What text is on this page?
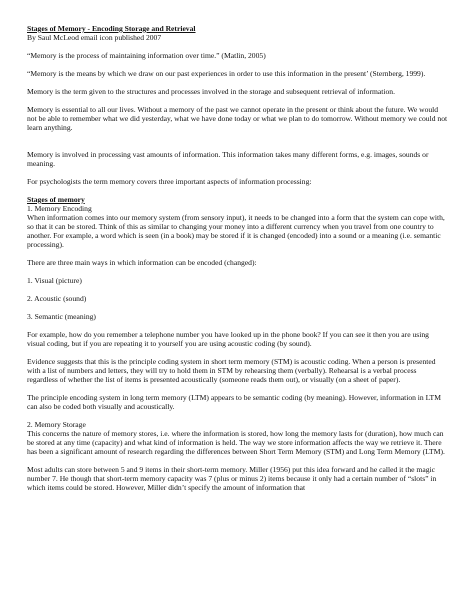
Stages of Memory - Encoding Storage and Retrieval

By Saul McLeod email icon published 2007

“Memory is the process of maintaining information over time.” (Matlin, 2005)

“Memory is the means by which we draw on our past experiences in order to use this information in the present’ (Sternberg, 1999).

Memory is the term given to the structures and processes involved in the storage and subsequent retrieval of information.

Memory is essential to all our lives. Without a memory of the past we cannot operate in the present or think about the future. We would not be able to remember what we did yesterday, what we have done today or what we plan to do tomorrow. Without memory we could not learn anything.

Memory is involved in processing vast amounts of information. This information takes many different forms, e.g. images, sounds or meaning.

For psychologists the term memory covers three important aspects of information processing:

Stages of memory

1. Memory Encoding

When information comes into our memory system (from sensory input), it needs to be changed into a form that the system can cope with, so that it can be stored. Think of this as similar to changing your money into a different currency when you travel from one country to another. For example, a word which is seen (in a book) may be stored if it is changed (encoded) into a sound or a meaning (i.e. semantic processing).

There are three main ways in which information can be encoded (changed):

1. Visual (picture)

2. Acoustic (sound)

3. Semantic (meaning)

For example, how do you remember a telephone number you have looked up in the phone book? If you can see it then you are using visual coding, but if you are repeating it to yourself you are using acoustic coding (by sound).

Evidence suggests that this is the principle coding system in short term memory (STM) is acoustic coding. When a person is presented with a list of numbers and letters, they will try to hold them in STM by rehearsing them (verbally). Rehearsal is a verbal process regardless of whether the list of items is presented acoustically (someone reads them out), or visually (on a sheet of paper).

The principle encoding system in long term memory (LTM) appears to be semantic coding (by meaning). However, information in LTM can also be coded both visually and acoustically.

2. Memory Storage

This concerns the nature of memory stores, i.e. where the information is stored, how long the memory lasts for (duration), how much can be stored at any time (capacity) and what kind of information is held. The way we store information affects the way we retrieve it. There has been a significant amount of research regarding the differences between Short Term Memory (STM) and Long Term Memory (LTM).

Most adults can store between 5 and 9 items in their short-term memory. Miller (1956) put this idea forward and he called it the magic number 7. He though that short-term memory capacity was 7 (plus or minus 2) items because it only had a certain number of “slots” in which items could be stored. However, Miller didn’t specify the amount of information that
